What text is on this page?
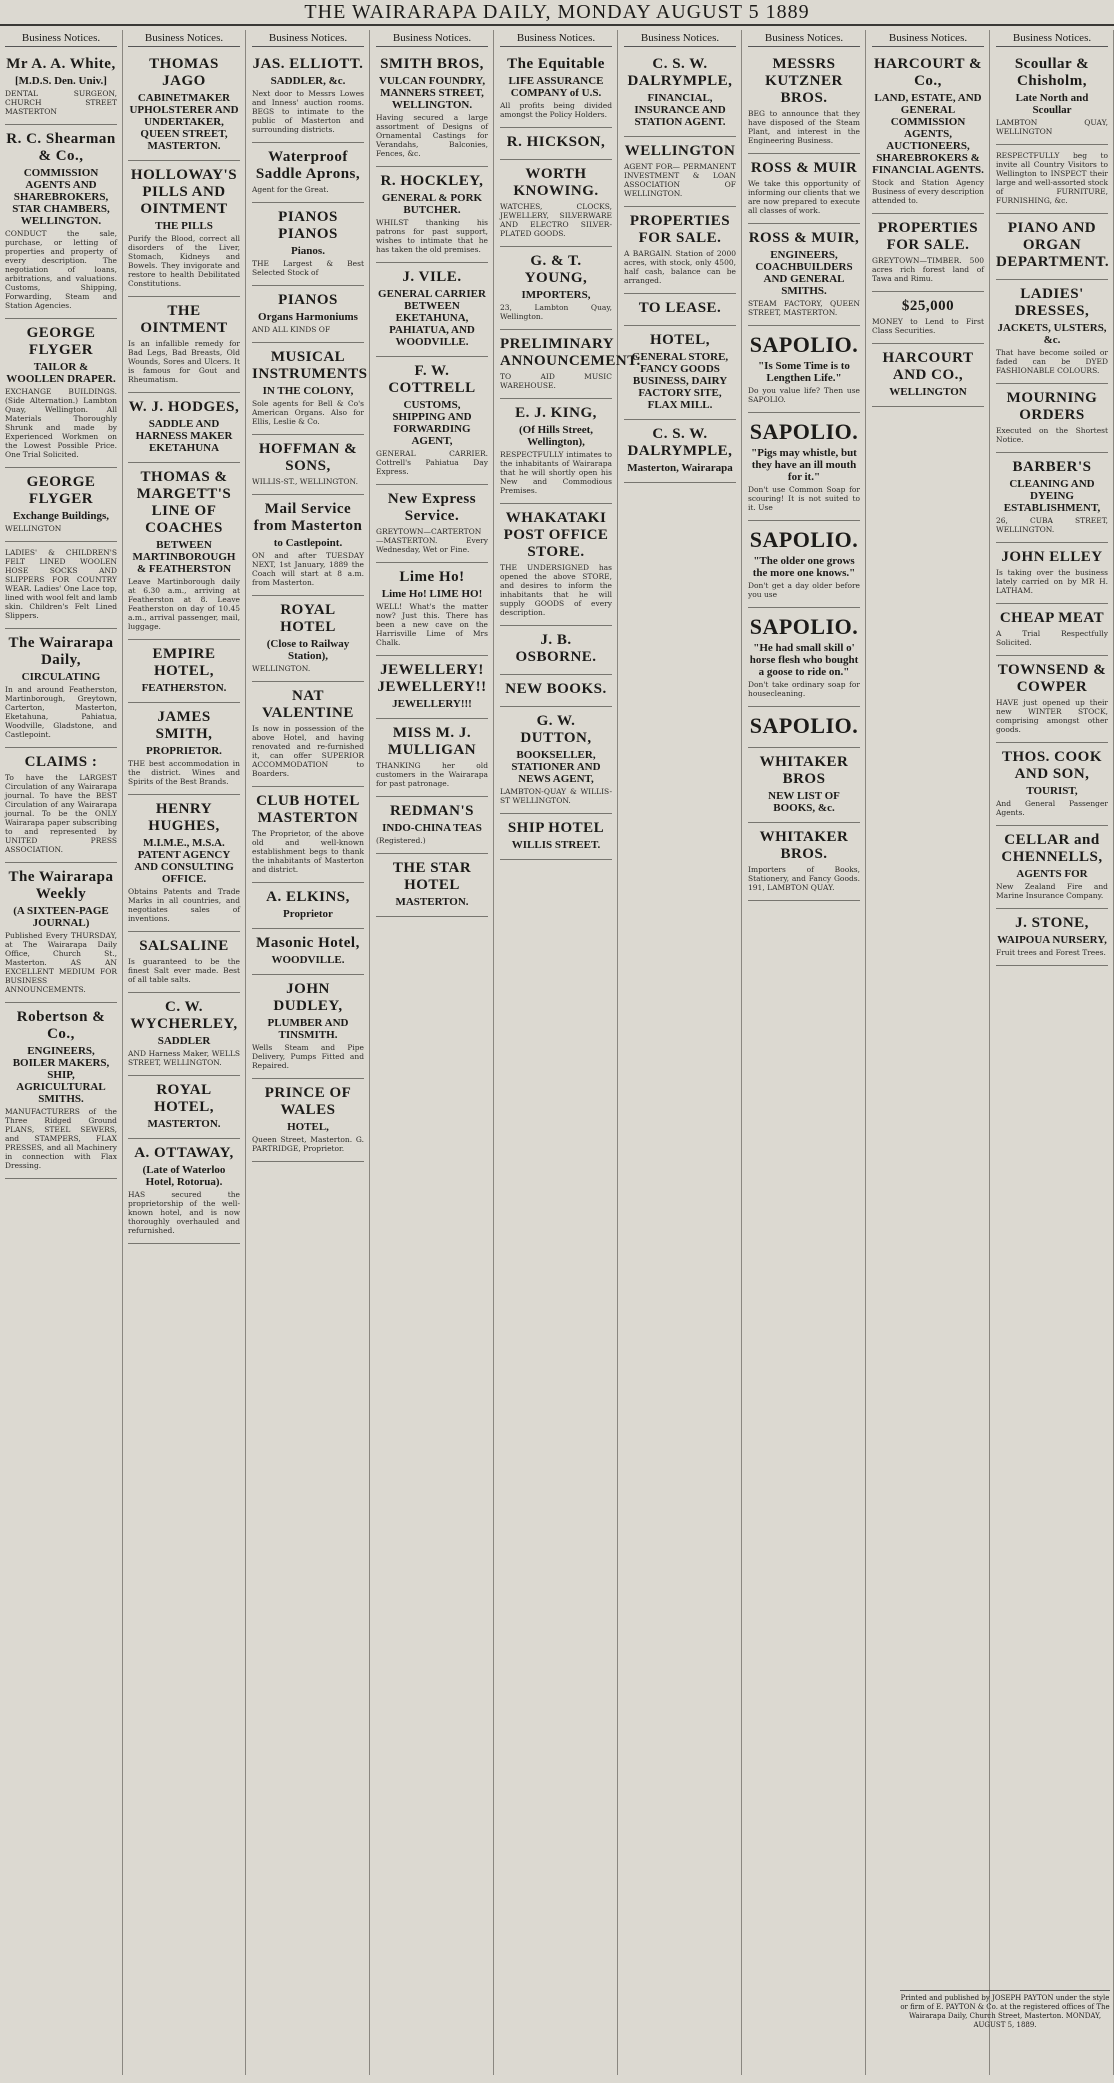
THE WAIRARAPA DAILY, MONDAY AUGUST 5 1889
Business Notices.
Mr A. A. White,
[M.D.S. Den. Univ.]

DENTAL SURGEON, CHURCH STREET MASTERTON

R. C. Shearman & Co.,
COMMISSION AGENTS AND SHAREBROKERS, STAR CHAMBERS, WELLINGTON.

CONDUCT the sale, purchase, or letting of properties and property of every description. The negotiation of loans, arbitrations, and valuations. Customs, Shipping, Forwarding, Steam and Station Agencies.

GEORGE FLYGER
TAILOR & WOOLLEN DRAPER.

EXCHANGE BUILDINGS. (Side Alternation.) Lambton Quay, Wellington. All Materials Thoroughly Shrunk and made by Experienced Workmen on the Lowest Possible Price. One Trial Solicited.

GEORGE FLYGER
Exchange Buildings,

WELLINGTON

LADIES' & CHILDREN'S FELT LINED WOOLEN HOSE SOCKS AND SLIPPERS FOR COUNTRY WEAR. Ladies' One Lace top, lined with wool felt and lamb skin. Children's Felt Lined Slippers.

The Wairarapa Daily,
CIRCULATING

In and around Featherston, Martinborough, Greytown, Carterton, Masterton, Eketahuna, Pahiatua, Woodville, Gladstone, and Castlepoint.

CLAIMS :

To have the LARGEST Circulation of any Wairarapa journal. To have the BEST Circulation of any Wairarapa journal. To be the ONLY Wairarapa paper subscribing to and represented by UNITED PRESS ASSOCIATION.

The Wairarapa Weekly
(A SIXTEEN-PAGE JOURNAL)

Published Every THURSDAY, at The Wairarapa Daily Office, Church St., Masterton. AS AN EXCELLENT MEDIUM FOR BUSINESS ANNOUNCEMENTS.

Robertson & Co.,
ENGINEERS, BOILER MAKERS, SHIP, AGRICULTURAL SMITHS.

MANUFACTURERS of the Three Ridged Ground PLANS, STEEL SEWERS, and STAMPERS, FLAX PRESSES, and all Machinery in connection with Flax Dressing.

Business Notices.
THOMAS JAGO
CABINETMAKER UPHOLSTERER AND UNDERTAKER, QUEEN STREET, MASTERTON.
HOLLOWAY'S PILLS AND OINTMENT
THE PILLS

Purify the Blood, correct all disorders of the Liver, Stomach, Kidneys and Bowels. They invigorate and restore to health Debilitated Constitutions.

THE OINTMENT

Is an infallible remedy for Bad Legs, Bad Breasts, Old Wounds, Sores and Ulcers. It is famous for Gout and Rheumatism.

W. J. HODGES,
SADDLE AND HARNESS MAKER EKETAHUNA
THOMAS & MARGETT'S LINE OF COACHES
BETWEEN MARTINBOROUGH & FEATHERSTON

Leave Martinborough daily at 6.30 a.m., arriving at Featherston at 8. Leave Featherston on day of 10.45 a.m., arrival passenger, mail, luggage.

EMPIRE HOTEL,
FEATHERSTON.
JAMES SMITH,
PROPRIETOR.

THE best accommodation in the district. Wines and Spirits of the Best Brands.

HENRY HUGHES,
M.I.M.E., M.S.A. PATENT AGENCY AND CONSULTING OFFICE.

Obtains Patents and Trade Marks in all countries, and negotiates sales of inventions.

SALSALINE

Is guaranteed to be the finest Salt ever made. Best of all table salts.

C. W. WYCHERLEY,
SADDLER

AND Harness Maker, WELLS STREET, WELLINGTON.

ROYAL HOTEL,
MASTERTON.
A. OTTAWAY,
(Late of Waterloo Hotel, Rotorua).

HAS secured the proprietorship of the well-known hotel, and is now thoroughly overhauled and refurnished.

Business Notices.
JAS. ELLIOTT.
SADDLER, &c.

Next door to Messrs Lowes and Inness' auction rooms. BEGS to intimate to the public of Masterton and surrounding districts.

Waterproof Saddle Aprons,

Agent for the Great.

PIANOS PIANOS
Pianos.

THE Largest & Best Selected Stock of

PIANOS
Organs Harmoniums

AND ALL KINDS OF

MUSICAL INSTRUMENTS
IN THE COLONY,

Sole agents for Bell & Co's American Organs. Also for Ellis, Leslie & Co.

HOFFMAN & SONS,

WILLIS-ST., WELLINGTON.

Mail Service from Masterton
to Castlepoint.

ON and after TUESDAY NEXT, 1st January, 1889 the Coach will start at 8 a.m. from Masterton.

ROYAL HOTEL
(Close to Railway Station),

WELLINGTON.

NAT VALENTINE

Is now in possession of the above Hotel, and having renovated and re-furnished it, can offer SUPERIOR ACCOMMODATION to Boarders.

CLUB HOTEL MASTERTON

The Proprietor, of the above old and well-known establishment begs to thank the inhabitants of Masterton and district.

A. ELKINS,
Proprietor
Masonic Hotel,
WOODVILLE.
JOHN DUDLEY,
PLUMBER AND TINSMITH.

Wells Steam and Pipe Delivery, Pumps Fitted and Repaired.

PRINCE OF WALES
HOTEL,

Queen Street, Masterton. G. PARTRIDGE, Proprietor.

Business Notices.
SMITH BROS,
VULCAN FOUNDRY, MANNERS STREET, WELLINGTON.

Having secured a large assortment of Designs of Ornamental Castings for Verandahs, Balconies, Fences, &c.

R. HOCKLEY,
GENERAL & PORK BUTCHER.

WHILST thanking his patrons for past support, wishes to intimate that he has taken the old premises.

J. VILE.
GENERAL CARRIER BETWEEN EKETAHUNA, PAHIATUA, AND WOODVILLE.
F. W. COTTRELL
CUSTOMS, SHIPPING AND FORWARDING AGENT,

GENERAL CARRIER. Cottrell's Pahiatua Day Express.

New Express Service.

GREYTOWN—CARTERTON—MASTERTON. Every Wednesday, Wet or Fine.

Lime Ho!
Lime Ho! LIME HO!

WELL! What's the matter now? Just this. There has been a new cave on the Harrisville Lime of Mrs Chalk.

JEWELLERY! JEWELLERY!!
JEWELLERY!!!
MISS M. J. MULLIGAN

THANKING her old customers in the Wairarapa for past patronage.

REDMAN'S
INDO-CHINA TEAS

(Registered.)

THE STAR HOTEL
MASTERTON.
Business Notices.
The Equitable
LIFE ASSURANCE COMPANY of U.S.

All profits being divided amongst the Policy Holders.

R. HICKSON,
WORTH KNOWING.

WATCHES, CLOCKS, JEWELLERY, SILVERWARE AND ELECTRO SILVER-PLATED GOODS.

G. & T. YOUNG,
IMPORTERS,

23, Lambton Quay, Wellington.

PRELIMINARY ANNOUNCEMENT.

TO AID MUSIC WAREHOUSE.

E. J. KING,
(Of Hills Street, Wellington),

RESPECTFULLY intimates to the inhabitants of Wairarapa that he will shortly open his New and Commodious Premises.

WHAKATAKI POST OFFICE STORE.

THE UNDERSIGNED has opened the above STORE, and desires to inform the inhabitants that he will supply GOODS of every description.

J. B. OSBORNE.
NEW BOOKS.
G. W. DUTTON,
BOOKSELLER, STATIONER AND NEWS AGENT,

LAMBTON-QUAY & WILLIS-ST WELLINGTON.

SHIP HOTEL
WILLIS STREET.
Business Notices.
C. S. W. DALRYMPLE,
FINANCIAL, INSURANCE AND STATION AGENT.
WELLINGTON

AGENT FOR— PERMANENT INVESTMENT & LOAN ASSOCIATION OF WELLINGTON.

PROPERTIES FOR SALE.

A BARGAIN. Station of 2000 acres, with stock, only 4500, half cash, balance can be arranged.

TO LEASE.
HOTEL,
GENERAL STORE, FANCY GOODS BUSINESS, DAIRY FACTORY SITE, FLAX MILL.
C. S. W. DALRYMPLE,
Masterton, Wairarapa
Business Notices.
MESSRS KUTZNER BROS.

BEG to announce that they have disposed of the Steam Plant, and interest in the Engineering Business.

ROSS & MUIR

We take this opportunity of informing our clients that we are now prepared to execute all classes of work.

ROSS & MUIR,
ENGINEERS, COACHBUILDERS AND GENERAL SMITHS.

STEAM FACTORY, QUEEN STREET, MASTERTON.

SAPOLIO.
"Is Some Time is to Lengthen Life."

Do you value life? Then use SAPOLIO.

SAPOLIO.
"Pigs may whistle, but they have an ill mouth for it."

Don't use Common Soap for scouring! It is not suited to it. Use

SAPOLIO.
"The older one grows the more one knows."

Don't get a day older before you use

SAPOLIO.
"He had small skill o' horse flesh who bought a goose to ride on."

Don't take ordinary soap for housecleaning.

SAPOLIO.
WHITAKER BROS
NEW LIST OF BOOKS, &c.
WHITAKER BROS.

Importers of Books, Stationery, and Fancy Goods. 191, LAMBTON QUAY.

Business Notices.
HARCOURT & Co.,
LAND, ESTATE, AND GENERAL COMMISSION AGENTS, AUCTIONEERS, SHAREBROKERS & FINANCIAL AGENTS.

Stock and Station Agency Business of every description attended to.

PROPERTIES FOR SALE.

GREYTOWN—TIMBER. 500 acres rich forest land of Tawa and Rimu.

$25,000

MONEY to Lend to First Class Securities.

HARCOURT AND CO.,
WELLINGTON
Business Notices.
Scoullar & Chisholm,
Late North and Scoullar

LAMBTON QUAY, WELLINGTON

RESPECTFULLY beg to invite all Country Visitors to Wellington to INSPECT their large and well-assorted stock of FURNITURE, FURNISHING, &c.

PIANO AND ORGAN DEPARTMENT.
LADIES' DRESSES,
JACKETS, ULSTERS, &c.

That have become soiled or faded can be DYED FASHIONABLE COLOURS.

MOURNING ORDERS

Executed on the Shortest Notice.

BARBER'S
CLEANING AND DYEING ESTABLISHMENT,

26, CUBA STREET, WELLINGTON.

JOHN ELLEY

Is taking over the business lately carried on by MR H. LATHAM.

CHEAP MEAT

A Trial Respectfully Solicited.

TOWNSEND & COWPER

HAVE just opened up their new WINTER STOCK, comprising amongst other goods.

THOS. COOK AND SON,
TOURIST,

And General Passenger Agents.

CELLAR and CHENNELLS,
AGENTS FOR

New Zealand Fire and Marine Insurance Company.

J. STONE,
WAIPOUA NURSERY,

Fruit trees and Forest Trees.

Printed and published by JOSEPH PAYTON under the style or firm of E. PAYTON & Co. at the registered offices of The Wairarapa Daily, Church Street, Masterton. MONDAY, AUGUST 5, 1889.
